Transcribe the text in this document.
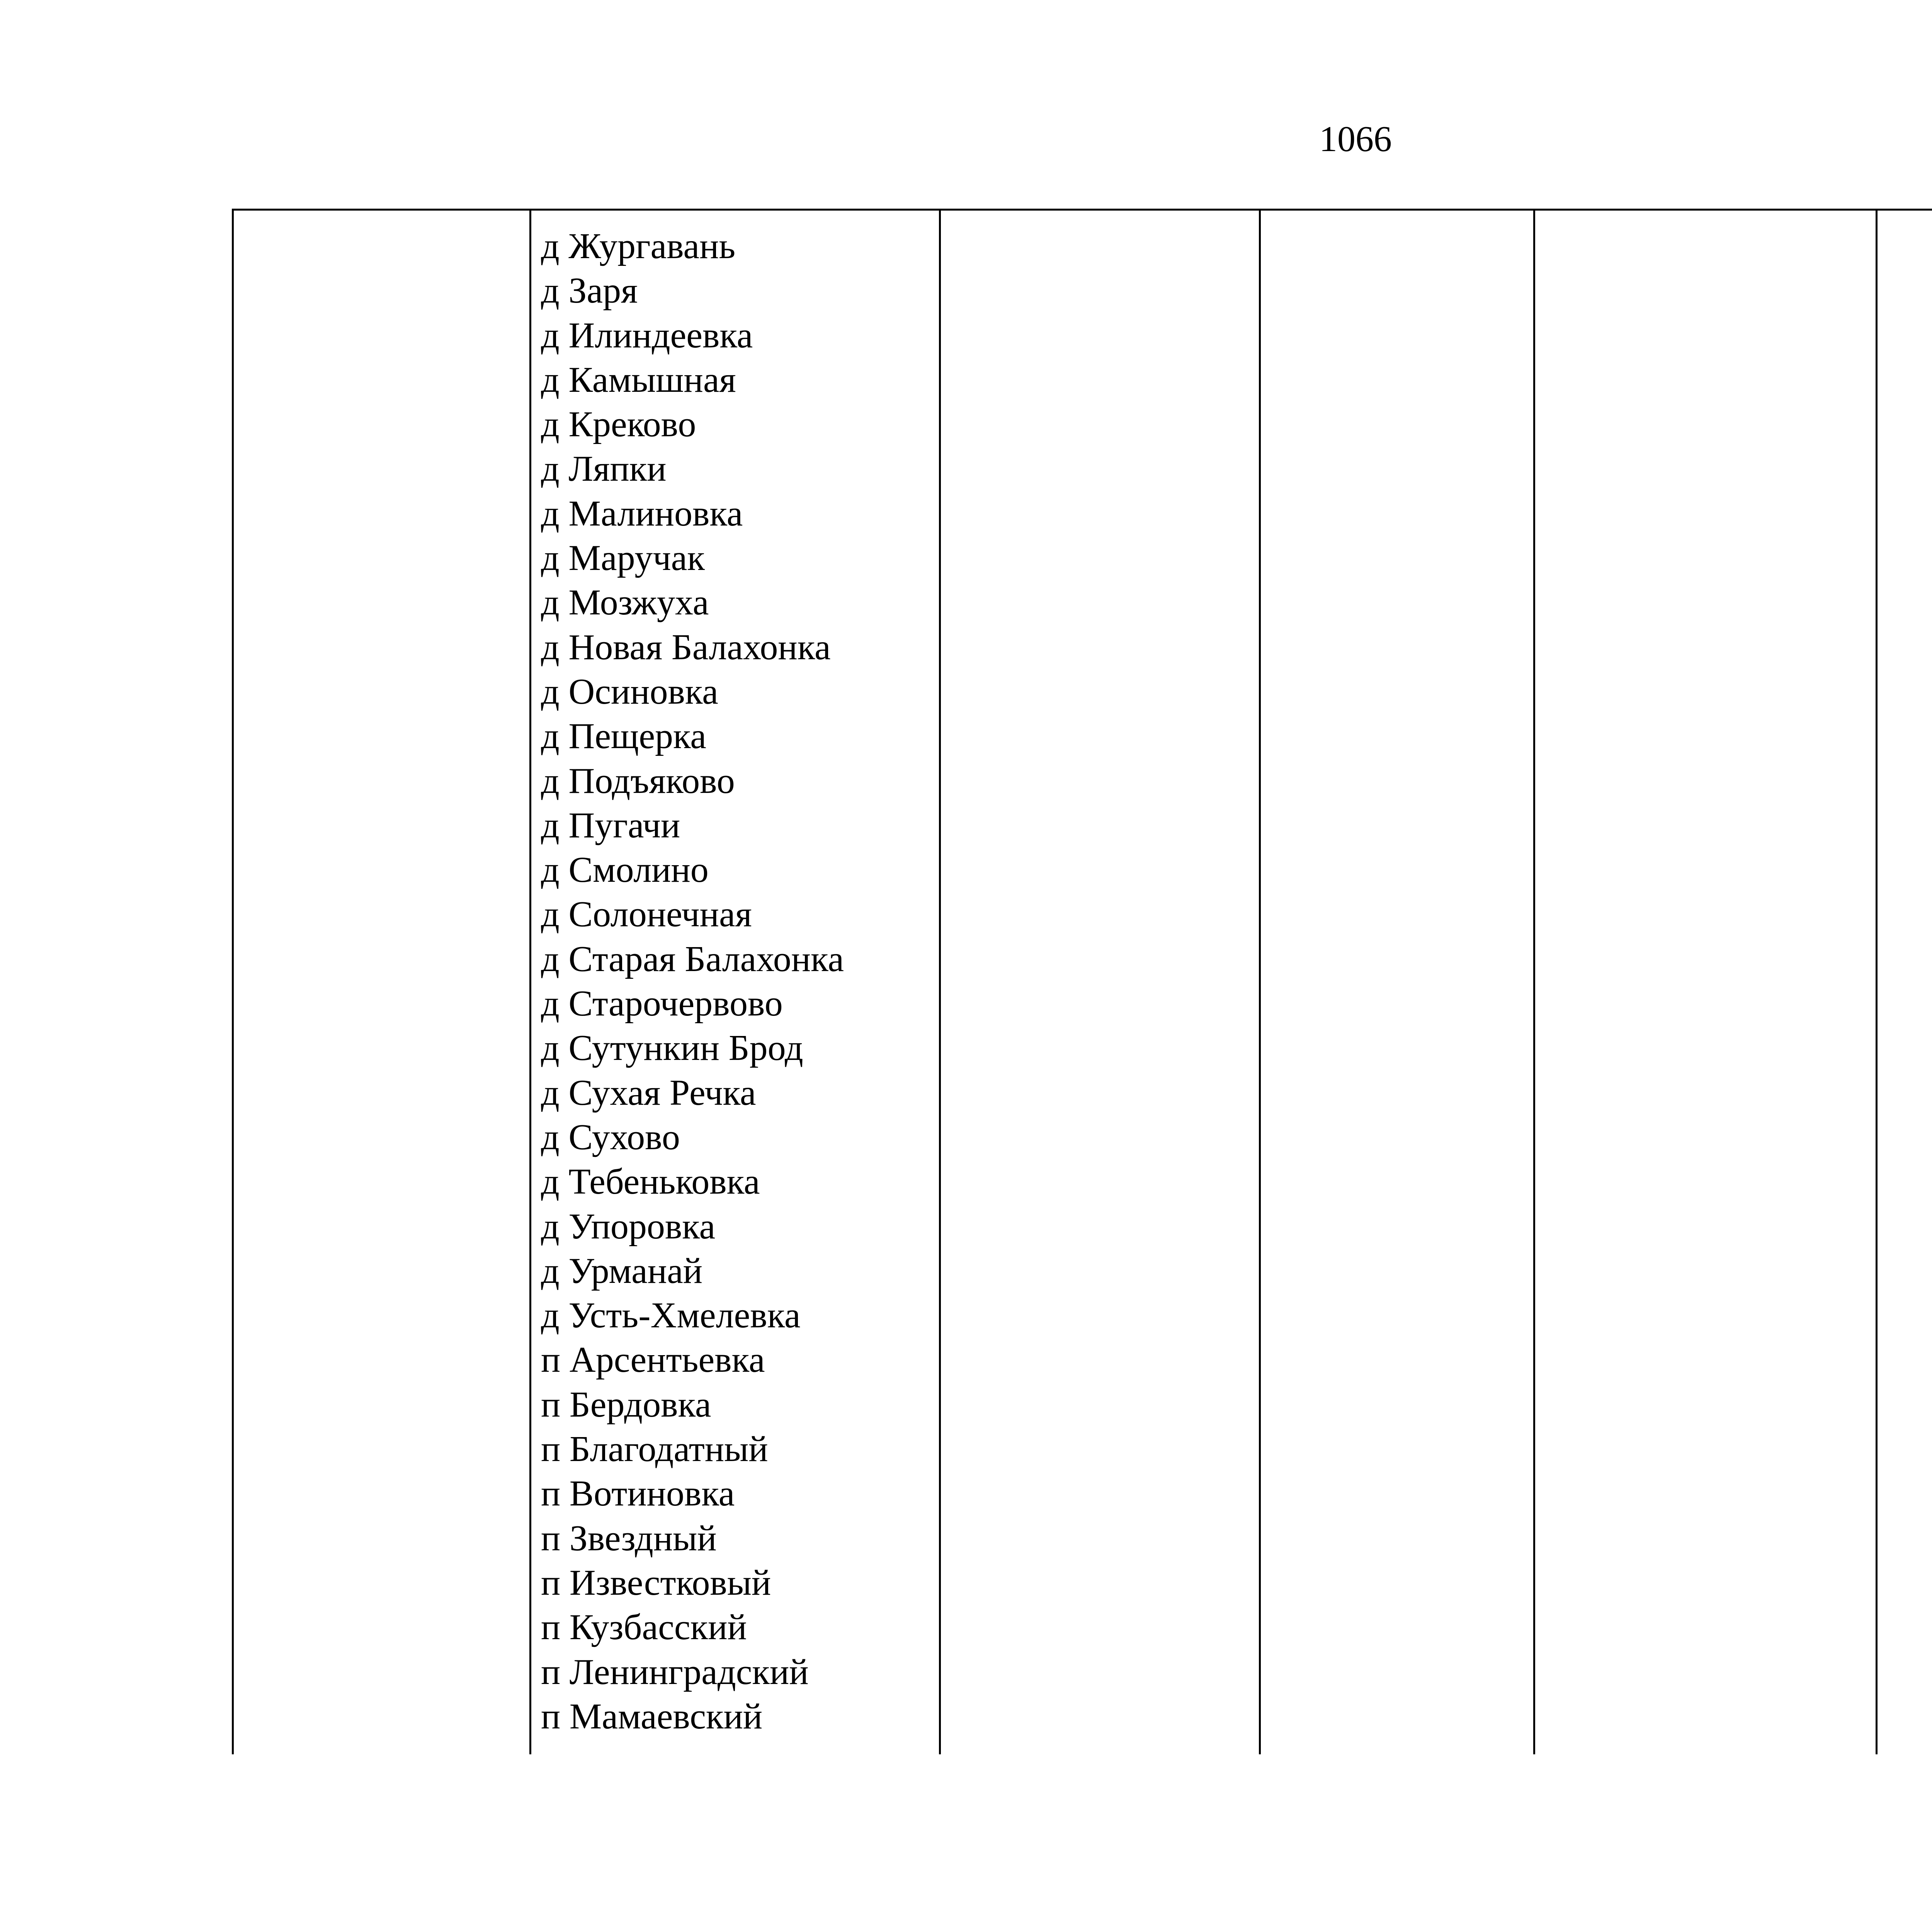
1066
д Жургавань
д Заря
д Илиндеевка
д Камышная
д Креково
д Ляпки
д Малиновка
д Маручак
д Мозжуха
д Новая Балахонка
д Осиновка
д Пещерка
д Подъяково
д Пугачи
д Смолино
д Солонечная
д Старая Балахонка
д Старочервово
д Сутункин Брод
д Сухая Речка
д Сухово
д Тебеньковка
д Упоровка
д Урманай
д Усть-Хмелевка
п Арсентьевка
п Бердовка
п Благодатный
п Вотиновка
п Звездный
п Известковый
п Кузбасский
п Ленинградский
п Мамаевский
